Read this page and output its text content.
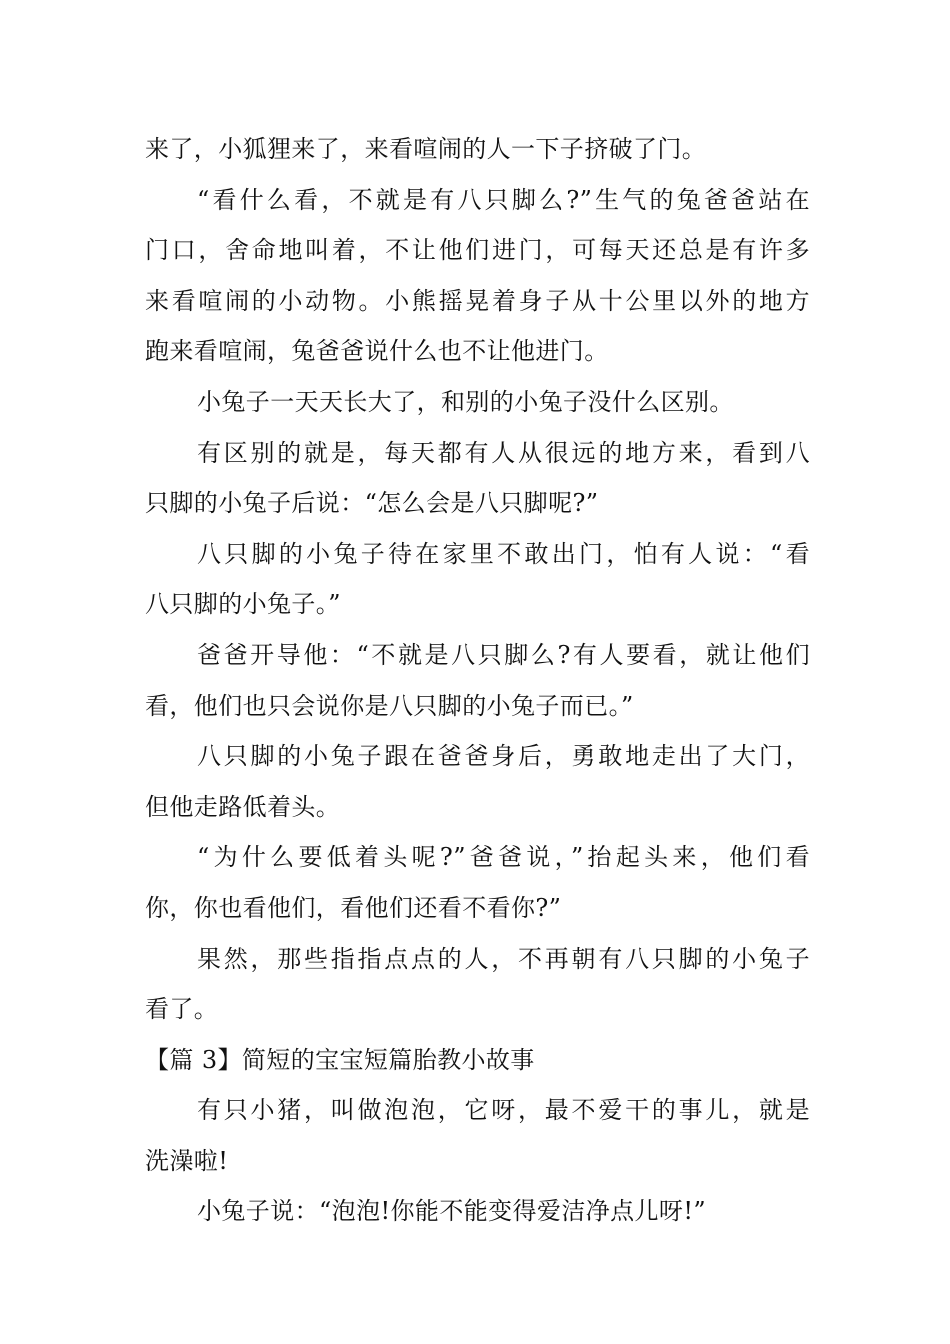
来了，小狐狸来了，来看喧闹的人一下子挤破了门。
“看什么看，不就是有八只脚么?”生气的兔爸爸站在
门口，舍命地叫着，不让他们进门，可每天还总是有许多
来看喧闹的小动物。小熊摇晃着身子从十公里以外的地方
跑来看喧闹，兔爸爸说什么也不让他进门。
小兔子一天天长大了，和别的小兔子没什么区别。
有区别的就是，每天都有人从很远的地方来，看到八
只脚的小兔子后说：“怎么会是八只脚呢?”
八只脚的小兔子待在家里不敢出门，怕有人说：“看
八只脚的小兔子。”
爸爸开导他：“不就是八只脚么?有人要看，就让他们
看，他们也只会说你是八只脚的小兔子而已。”
八只脚的小兔子跟在爸爸身后，勇敢地走出了大门，
但他走路低着头。
“为什么要低着头呢?”爸爸说，”抬起头来，他们看
你，你也看他们，看他们还看不看你?”
果然，那些指指点点的人，不再朝有八只脚的小兔子
看了。
【篇 3】简短的宝宝短篇胎教小故事
有只小猪，叫做泡泡，它呀，最不爱干的事儿，就是
洗澡啦!
小兔子说：“泡泡!你能不能变得爱洁净点儿呀!”
